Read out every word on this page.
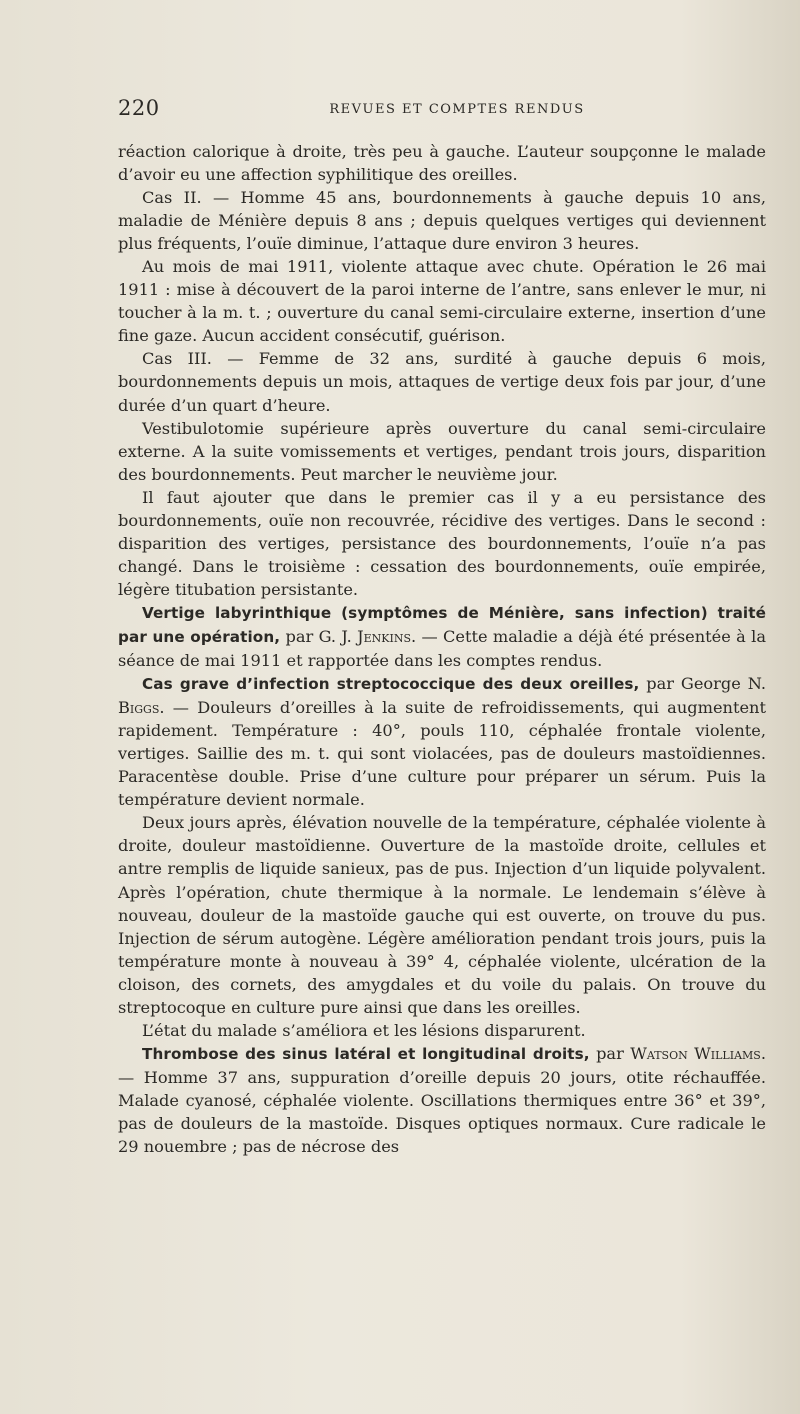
220	REVUES ET COMPTES RENDUS

réaction calorique à droite, très peu à gauche. L’auteur soupçonne le malade d’avoir eu une affection syphilitique des oreilles.

Cas II. — Homme 45 ans, bourdonnements à gauche depuis 10 ans, maladie de Ménière depuis 8 ans ; depuis quelques vertiges qui deviennent plus fréquents, l’ouïe diminue, l’attaque dure environ 3 heures.

Au mois de mai 1911, violente attaque avec chute. Opération le 26 mai 1911 : mise à découvert de la paroi interne de l’antre, sans enlever le mur, ni toucher à la m. t. ; ouverture du canal semi-circulaire externe, insertion d’une fine gaze. Aucun accident consécutif, guérison.

Cas III. — Femme de 32 ans, surdité à gauche depuis 6 mois, bourdonnements depuis un mois, attaques de vertige deux fois par jour, d’une durée d’un quart d’heure.

Vestibulotomie supérieure après ouverture du canal semi-circulaire externe. A la suite vomissements et vertiges, pendant trois jours, disparition des bourdonnements. Peut marcher le neuvième jour.

Il faut ajouter que dans le premier cas il y a eu persistance des bourdonnements, ouïe non recouvrée, récidive des vertiges. Dans le second : disparition des vertiges, persistance des bourdonnements, l’ouïe n’a pas changé. Dans le troisième : cessation des bourdonnements, ouïe empirée, légère titubation persistante.

Vertige labyrinthique (symptômes de Ménière, sans infection) traité par une opération, par G. J. Jenkins. — Cette maladie a déjà été présentée à la séance de mai 1911 et rapportée dans les comptes rendus.

Cas grave d’infection streptococcique des deux oreilles, par George N. Biggs. — Douleurs d’oreilles à la suite de refroidissements, qui augmentent rapidement. Température : 40°, pouls 110, céphalée frontale violente, vertiges. Saillie des m. t. qui sont violacées, pas de douleurs mastoïdiennes. Paracentèse double. Prise d’une culture pour préparer un sérum. Puis la température devient normale.

Deux jours après, élévation nouvelle de la température, céphalée violente à droite, douleur mastoïdienne. Ouverture de la mastoïde droite, cellules et antre remplis de liquide sanieux, pas de pus. Injection d’un liquide polyvalent. Après l’opération, chute thermique à la normale. Le lendemain s’élève à nouveau, douleur de la mastoïde gauche qui est ouverte, on trouve du pus. Injection de sérum autogène. Légère amélioration pendant trois jours, puis la température monte à nouveau à 39° 4, céphalée violente, ulcération de la cloison, des cornets, des amygdales et du voile du palais. On trouve du streptocoque en culture pure ainsi que dans les oreilles.

L’état du malade s’améliora et les lésions disparurent.

Thrombose des sinus latéral et longitudinal droits, par Watson Williams. — Homme 37 ans, suppuration d’oreille depuis 20 jours, otite réchauffée. Malade cyanosé, céphalée violente. Oscillations thermiques entre 36° et 39°, pas de douleurs de la mastoïde. Disques optiques normaux. Cure radicale le 29 nouembre ; pas de nécrose des
